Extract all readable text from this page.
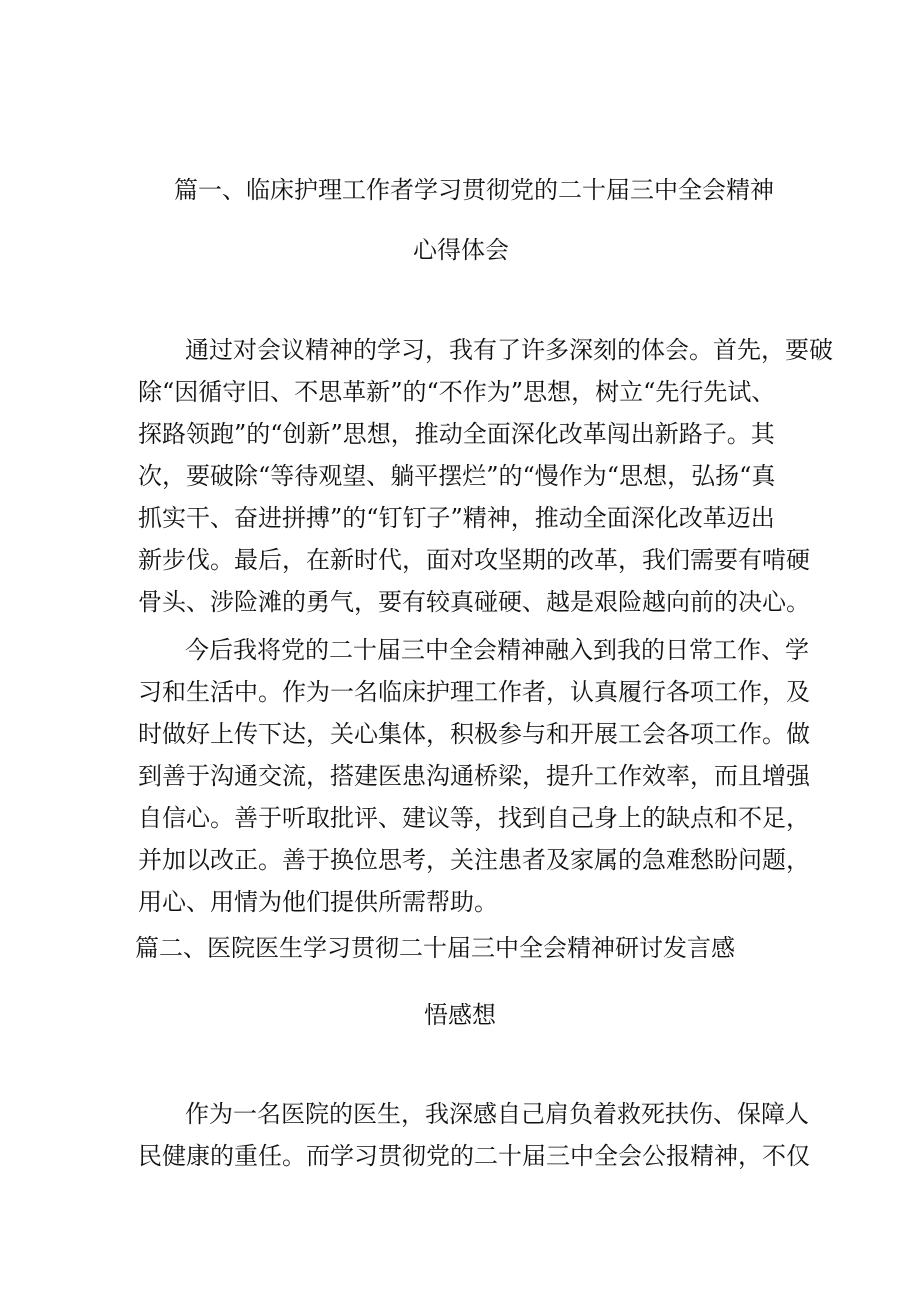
篇一、临床护理工作者学习贯彻党的二十届三中全会精神
心得体会
通过对会议精神的学习，我有了许多深刻的体会。首先，要破
除“因循守旧、不思革新”的“不作为”思想，树立“先行先试、
探路领跑”的“创新”思想，推动全面深化改革闯出新路子。其
次，要破除“等待观望、躺平摆烂”的“慢作为“思想，弘扬“真
抓实干、奋进拼搏”的“钉钉子”精神，推动全面深化改革迈出
新步伐。最后，在新时代，面对攻坚期的改革，我们需要有啃硬
骨头、涉险滩的勇气，要有较真碰硬、越是艰险越向前的决心。
今后我将党的二十届三中全会精神融入到我的日常工作、学
习和生活中。作为一名临床护理工作者，认真履行各项工作，及
时做好上传下达，关心集体，积极参与和开展工会各项工作。做
到善于沟通交流，搭建医患沟通桥梁，提升工作效率，而且增强
自信心。善于听取批评、建议等，找到自己身上的缺点和不足，
并加以改正。善于换位思考，关注患者及家属的急难愁盼问题，
用心、用情为他们提供所需帮助。
篇二、医院医生学习贯彻二十届三中全会精神研讨发言感
悟感想
作为一名医院的医生，我深感自己肩负着救死扶伤、保障人
民健康的重任。而学习贯彻党的二十届三中全会公报精神，不仅
